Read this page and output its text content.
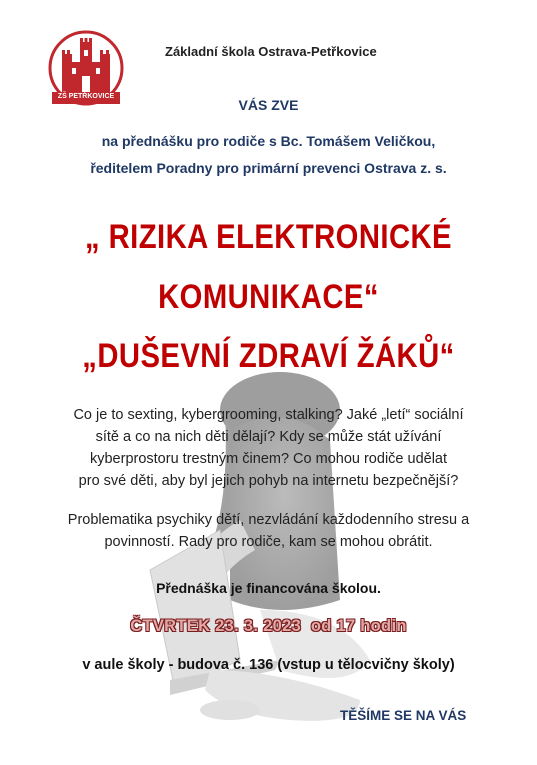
ZŠ PETŘKOVICE
Základní škola Ostrava-Petřkovice
VÁS ZVE
na přednášku pro rodiče s Bc. Tomášem Veličkou,
ředitelem Poradny pro primární prevenci Ostrava z. s.
„ RIZIKA ELEKTRONICKÉ
KOMUNIKACE“
„DUŠEVNÍ ZDRAVÍ ŽÁKŮ“
Co je to sexting, kybergrooming, stalking? Jaké „letí“ sociální
sítě a co na nich děti dělají? Kdy se může stát užívání
kyberprostoru trestným činem? Co mohou rodiče udělat
pro své děti, aby byl jejich pohyb na internetu bezpečnější?
Problematika psychiky dětí, nezvládání každodenního stresu a
povinností. Rady pro rodiče, kam se mohou obrátit.
Přednáška je financována školou.
ČTVRTEK 23. 3. 2023  od 17 hodin
v aule školy - budova č. 136 (vstup u tělocvičny školy)
TĚŠÍME SE NA VÁS
